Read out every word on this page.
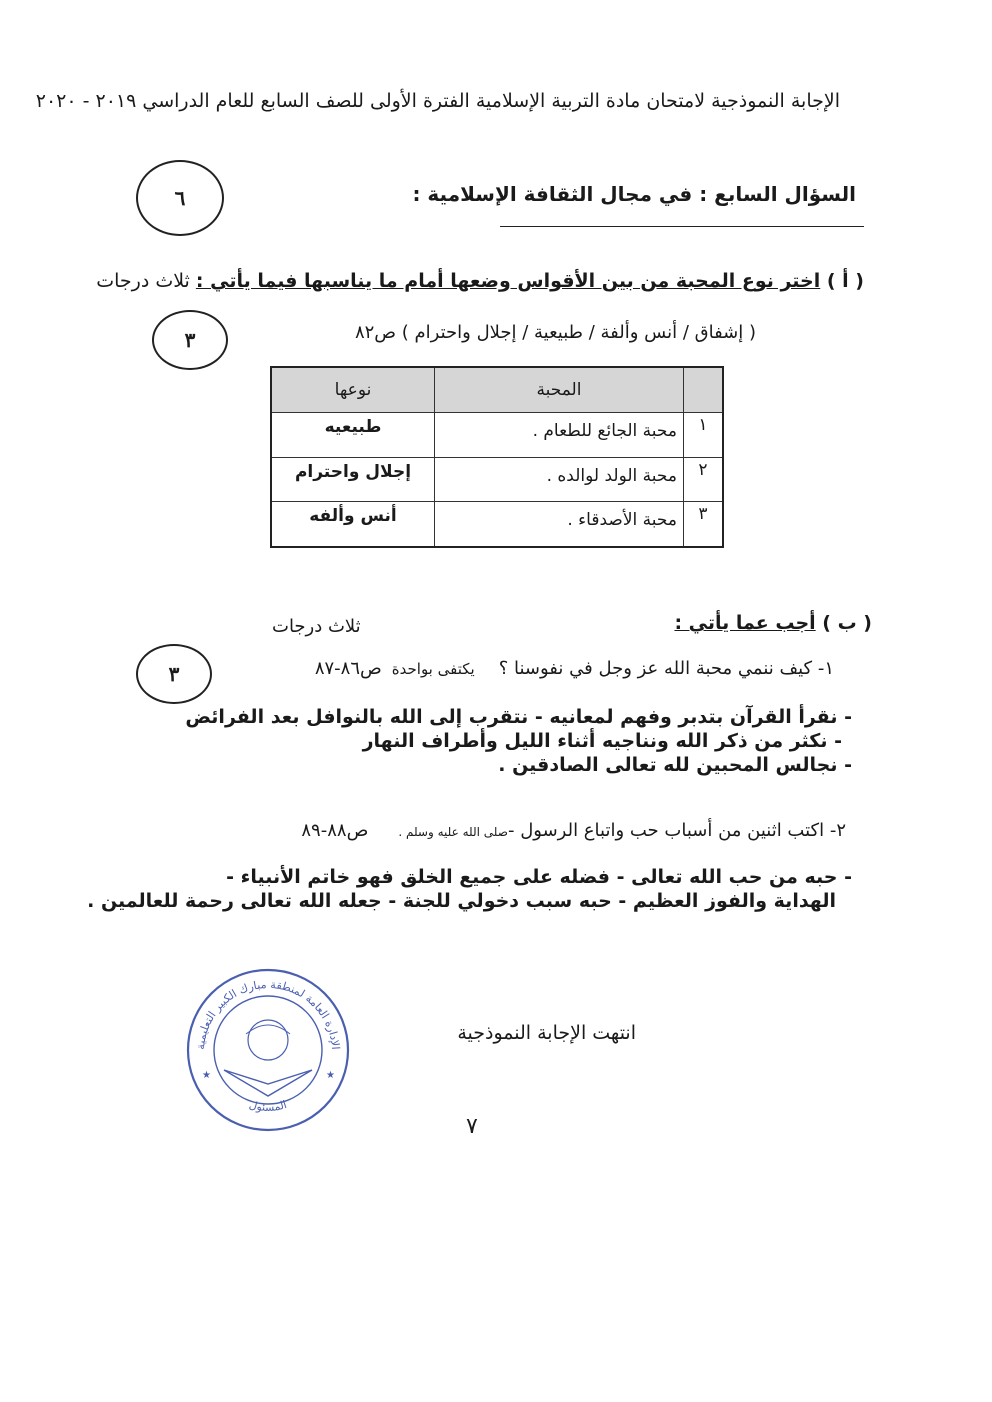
الإجابة النموذجية لامتحان مادة التربية الإسلامية الفترة الأولى للصف السابع للعام الدراسي ٢٠١٩ - ٢٠٢٠
٦	السؤال السابع : في مجال الثقافة الإسلامية :
( أ ) اختر نوع المحبة من بين الأقواس وضعها أمام ما يناسبها فيما يأتي : ثلاث درجات
٣	( إشفاق / أنس وألفة / طبيعية / إجلال واحترام ) ص٨٢
	المحبة	نوعها
١	محبة الجائع للطعام .	طبيعيه
٢	محبة الولد لوالده .	إجلال واحترام
٣	محبة الأصدقاء .	أنس وألفه
( ب ) أجب عما يأتي :
ثلاث درجات
٣	١- كيف ننمي محبة الله عز وجل في نفوسنا ؟يكتفى بواحدةص٨٦-٨٧
- نقرأ القرآن بتدبر وفهم لمعانيه - نتقرب إلى الله بالنوافل بعد الفرائض
- نكثر من ذكر الله ونناجيه أثناء الليل وأطراف النهار
- نجالس المحبين لله تعالى الصادقين .
٢- اكتب اثنين من أسباب حب واتباع الرسول -صلى الله عليه وسلم .ص٨٨-٨٩
- حبه من حب الله تعالى - فضله على جميع الخلق فهو خاتم الأنبياء -
الهداية والفوز العظيم - حبه سبب دخولي للجنة - جعله الله تعالى رحمة للعالمين .
الإدارة العامة لمنطقة مبارك الكبير التعليمية
المسئول
★	★
انتهت الإجابة النموذجية
٧
